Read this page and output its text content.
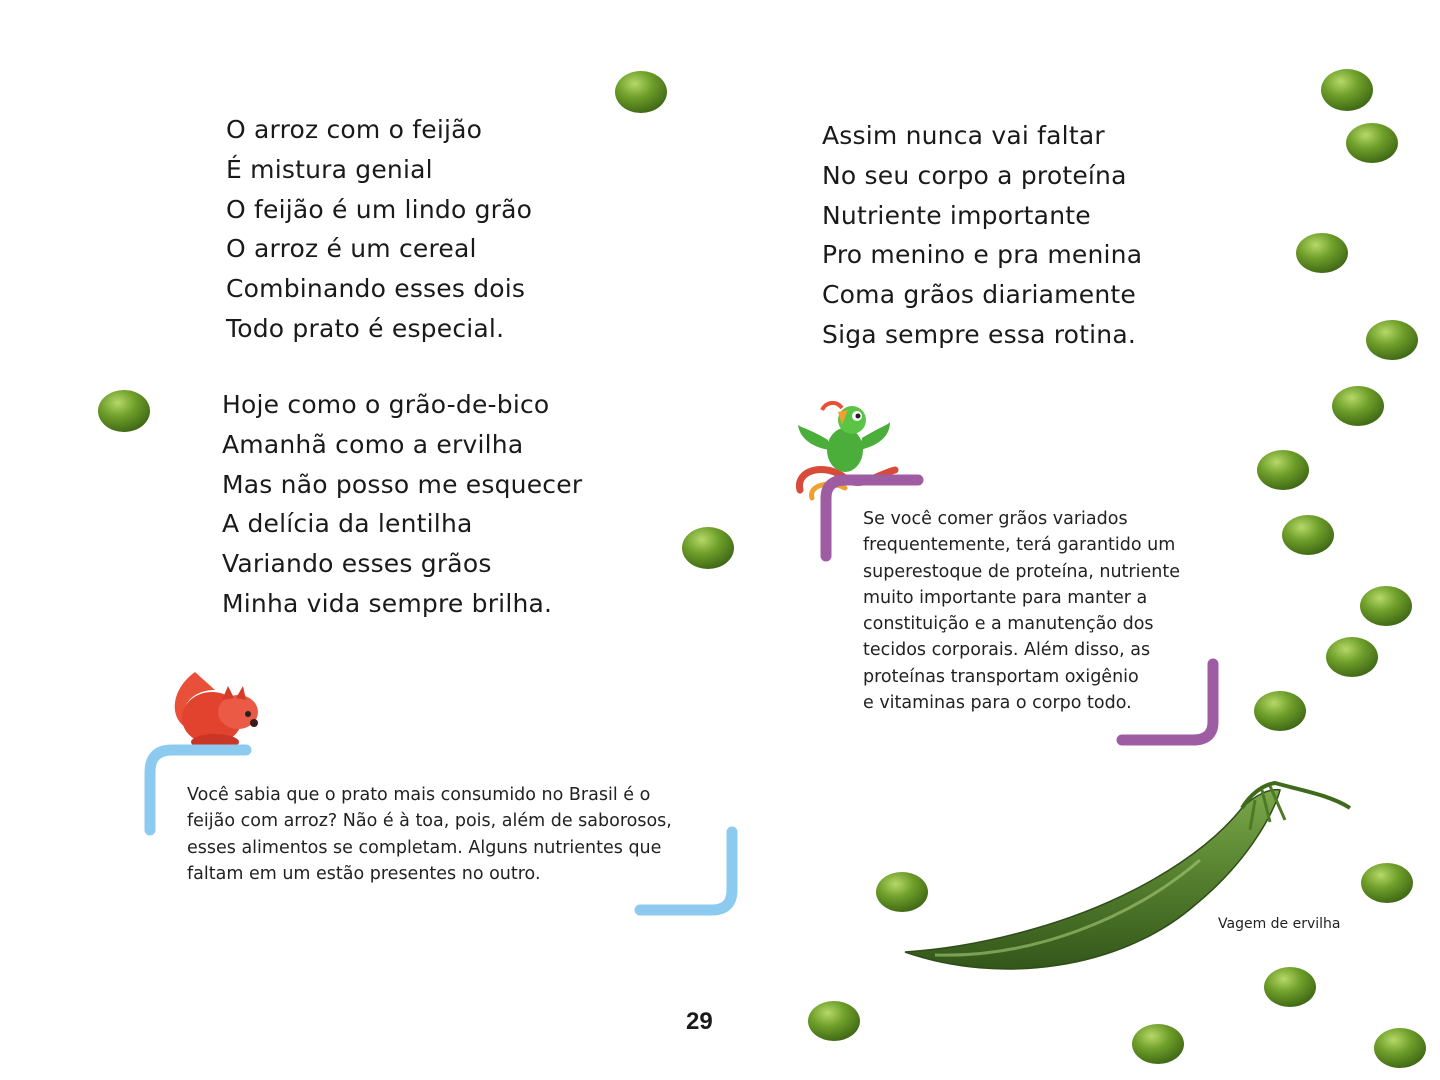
O arroz com o feijão
É mistura genial
O feijão é um lindo grão
O arroz é um cereal
Combinando esses dois
Todo prato é especial.
Hoje como o grão-de-bico
Amanhã como a ervilha
Mas não posso me esquecer
A delícia da lentilha
Variando esses grãos
Minha vida sempre brilha.
Assim nunca vai faltar
No seu corpo a proteína
Nutriente importante
Pro menino e pra menina
Coma grãos diariamente
Siga sempre essa rotina.
Você sabia que o prato mais consumido no Brasil é o
feijão com arroz? Não é à toa, pois, além de saborosos,
esses alimentos se completam. Alguns nutrientes que
faltam em um estão presentes no outro.
Se você comer grãos variados
frequentemente, terá garantido um
superestoque de proteína, nutriente
muito importante para manter a
constituição e a manutenção dos
tecidos corporais. Além disso, as
proteínas transportam oxigênio
e vitaminas para o corpo todo.
Vagem de ervilha
29
